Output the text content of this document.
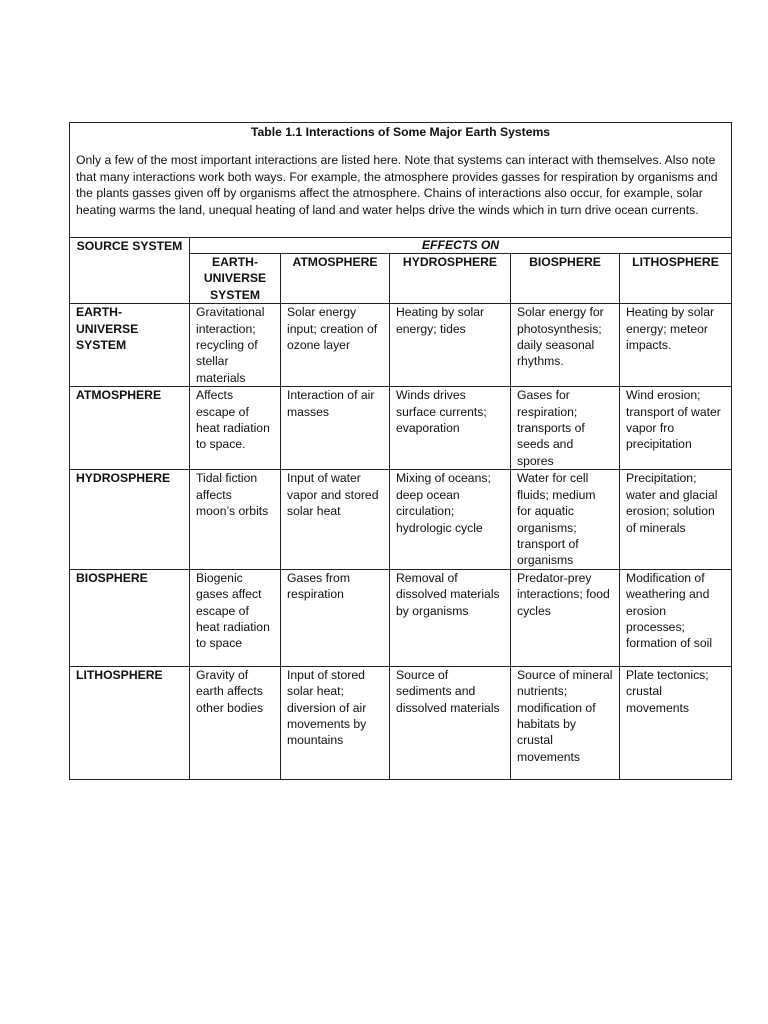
Table 1.1 Interactions of Some Major Earth Systems

Only a few of the most important interactions are listed here. Note that systems can interact with themselves. Also note that many interactions work both ways. For example, the atmosphere provides gasses for respiration by organisms and the plants gasses given off by organisms affect the atmosphere. Chains of interactions also occur, for example, solar heating warms the land, unequal heating of land and water helps drive the winds which in turn drive ocean currents.					

SOURCE SYSTEM	EFFECTS ON				
	EARTH-UNIVERSE SYSTEM	ATMOSPHERE	HYDROSPHERE	BIOSPHERE	LITHOSPHERE
EARTH-UNIVERSE SYSTEM	Gravitational interaction; recycling of stellar materials	Solar energy input; creation of ozone layer	Heating by solar energy; tides	Solar energy for photosynthesis; daily seasonal rhythms.	Heating by solar energy; meteor impacts.
ATMOSPHERE	Affects escape of heat radiation to space.	Interaction of air masses	Winds drives surface currents; evaporation	Gases for respiration; transports of seeds and spores	Wind erosion; transport of water vapor fro precipitation
HYDROSPHERE	Tidal fiction affects moon’s orbits	Input of water vapor and stored solar heat	Mixing of oceans; deep ocean circulation; hydrologic cycle	Water for cell fluids; medium for aquatic organisms; transport of organisms	Precipitation; water and glacial erosion; solution of minerals
BIOSPHERE	Biogenic gases affect escape of heat radiation to space	Gases from respiration	Removal of dissolved materials by organisms	Predator-prey interactions; food cycles	Modification of weathering and erosion processes; formation of soil
LITHOSPHERE	Gravity of earth affects other bodies	Input of stored solar heat; diversion of air movements by mountains	Source of sediments and dissolved materials	Source of mineral nutrients; modification of habitats by crustal movements	Plate tectonics; crustal movements
